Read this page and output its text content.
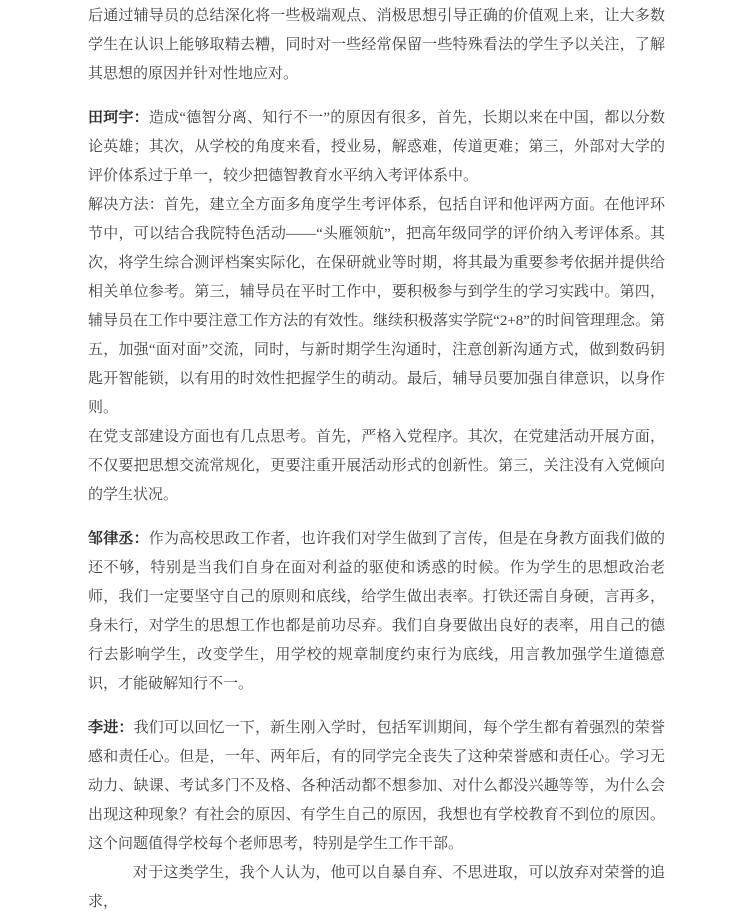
后通过辅导员的总结深化将一些极端观点、消极思想引导正确的价值观上来，让大多数学生在认识上能够取精去糟，同时对一些经常保留一些特殊看法的学生予以关注，了解其思想的原因并针对性地应对。

田珂宇：造成“德智分离、知行不一”的原因有很多，首先，长期以来在中国，都以分数论英雄；其次，从学校的角度来看，授业易，解惑难，传道更难；第三，外部对大学的评价体系过于单一，较少把德智教育水平纳入考评体系中。

解决方法：首先，建立全方面多角度学生考评体系，包括自评和他评两方面。在他评环节中，可以结合我院特色活动——“头雁领航”，把高年级同学的评价纳入考评体系。其次，将学生综合测评档案实际化，在保研就业等时期，将其最为重要参考依据并提供给相关单位参考。第三，辅导员在平时工作中，要积极参与到学生的学习实践中。第四，辅导员在工作中要注意工作方法的有效性。继续积极落实学院“2+8”的时间管理理念。第五，加强“面对面”交流，同时，与新时期学生沟通时，注意创新沟通方式，做到数码钥匙开智能锁，以有用的时效性把握学生的萌动。最后，辅导员要加强自律意识，以身作则。

在党支部建设方面也有几点思考。首先，严格入党程序。其次，在党建活动开展方面，不仅要把思想交流常规化，更要注重开展活动形式的创新性。第三，关注没有入党倾向的学生状况。

邹律丞：作为高校思政工作者，也许我们对学生做到了言传，但是在身教方面我们做的还不够，特别是当我们自身在面对利益的驱使和诱惑的时候。作为学生的思想政治老师，我们一定要坚守自己的原则和底线，给学生做出表率。打铁还需自身硬，言再多，身未行，对学生的思想工作也都是前功尽弃。我们自身要做出良好的表率，用自己的德行去影响学生，改变学生，用学校的规章制度约束行为底线，用言教加强学生道德意识，才能破解知行不一。

李进：我们可以回忆一下，新生刚入学时，包括军训期间，每个学生都有着强烈的荣誉感和责任心。但是，一年、两年后，有的同学完全丧失了这种荣誉感和责任心。学习无动力、缺课、考试多门不及格、各种活动都不想参加、对什么都没兴趣等等，为什么会出现这种现象？有社会的原因、有学生自己的原因，我想也有学校教育不到位的原因。这个问题值得学校每个老师思考，特别是学生工作干部。

对于这类学生，我个人认为，他可以自暴自弃、不思进取，可以放弃对荣誉的追求，
